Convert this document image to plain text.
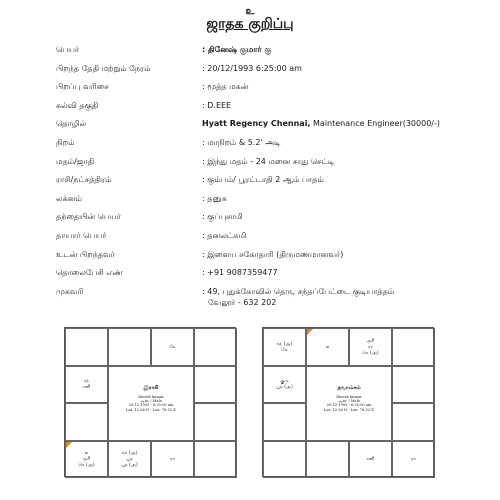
உ
ஜாதக குறிப்பு
பெயர்	: தினேஷ் குமார் கு
பிறந்த தேதி மற்றும் நேரம்	: 20/12/1993 6:25:00 am
பிறப்பு வரிசை	: மூத்த மகன்
கல்வி தகுதி	: D.EEE
தொழில்	Hyatt Regency Chennai, Maintenance Engineer(30000/-)
நிறம்	: மாநிறம் & 5.2' அடி
மதம்/ஜாதி	: இந்து மதம் - 24 மனை சாது செட்டி
ராசி/நட்சத்திரம்	: கும்பம்/ பூரட்டாதி 2 ஆம் பாதம்
லக்னம்	: தனுசு
தந்தையின் பெயர்	: குப்புசாமி
தாயார் பெயர்	: தனலட்சுமி
உடன் பிறந்தவர்	: இளைய சகோதாரி (திருமணமானவர்)
தொலைபேசி எண்	: +91 9087359477
முகவரி	: 49, புதுக்கோவில் தெரு, சந்தப்பேட்டை குடியாத்தம்
வேலூர் - 632 202
இராசி
Dinesh kumar
ஆண் / Male
20-12-1993 - 6:25:00 am
Lat: 12.56 N - Lon: 78.52 E
கே
சந்
சனி
ல
சூரி
செ (அ)
சுக் (அ)
புத
புத (அ)
ரா
நவாம்சம்
Dinesh kumar
ஆண் / Male
20-12-1993 - 6:25:00 am
Lat: 12.56 N - Lon: 78.52 E
சந் (அ)
கே
ல
சூரி
ரா
செ (அ)
குரு
புத (அ)
சனி	ரா
